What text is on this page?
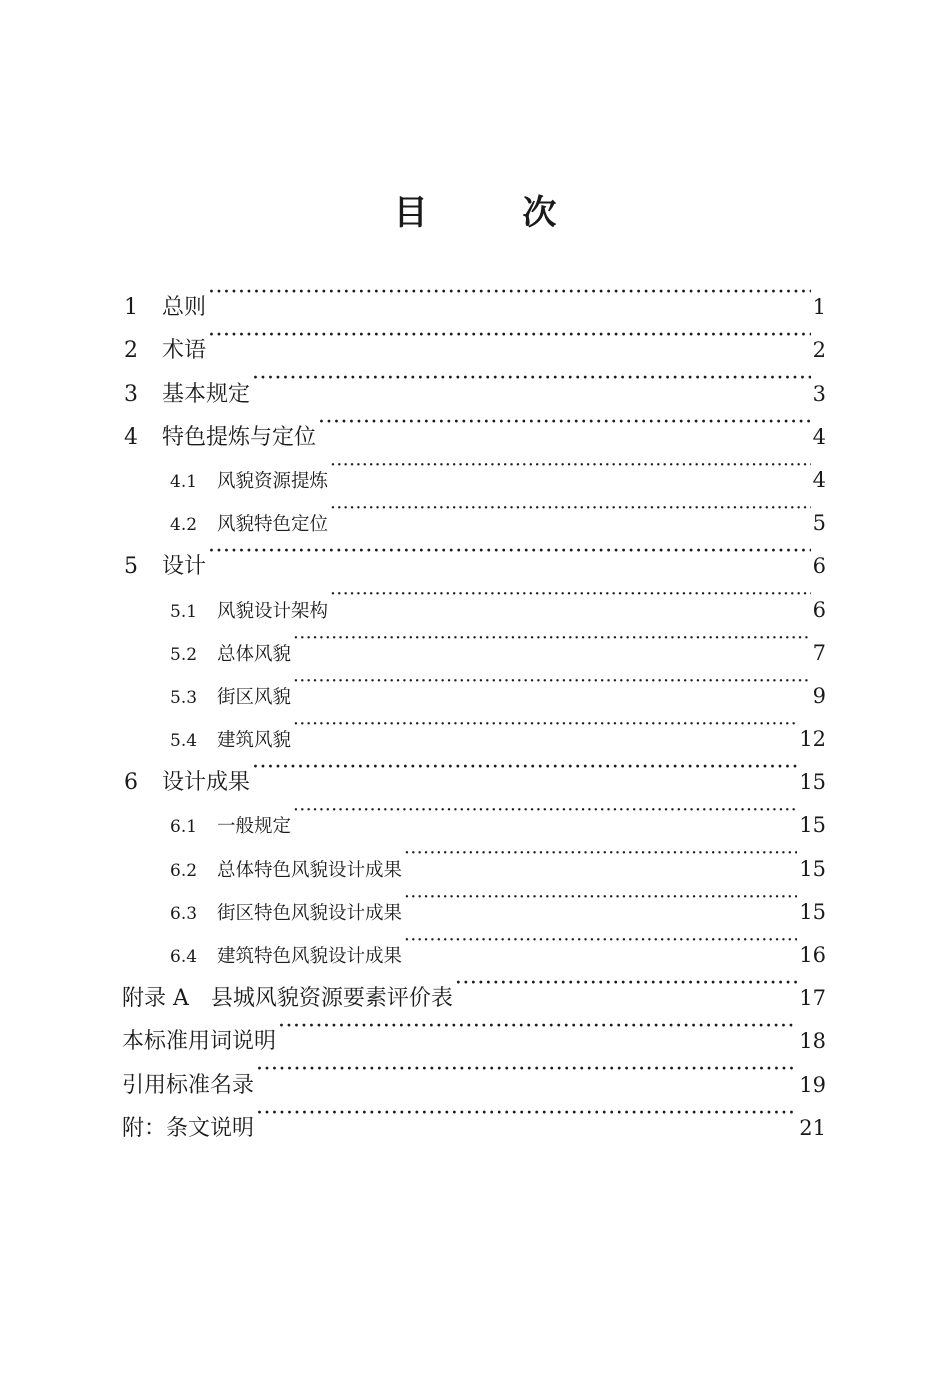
目        次
1	总则 ·····	1
2	术语 ·····	2
3	基本规定 ·····	3
4	特色提炼与定位 ·····	4
4.1	风貌资源提炼 ·····	4
4.2	风貌特色定位 ·····	5
5	设计 ·····	6
5.1	风貌设计架构 ·····	6
5.2	总体风貌 ·····	7
5.3	街区风貌 ·····	9
5.4	建筑风貌 ·····	12
6	设计成果 ·····	15
6.1	一般规定 ·····	15
6.2	总体特色风貌设计成果 ·····	15
6.3	街区特色风貌设计成果 ·····	15
6.4	建筑特色风貌设计成果 ·····	16
附录 A　县城风貌资源要素评价表 ·····	17
本标准用词说明 ·····	18
引用标准名录 ·····	19
附：条文说明 ·····	21
